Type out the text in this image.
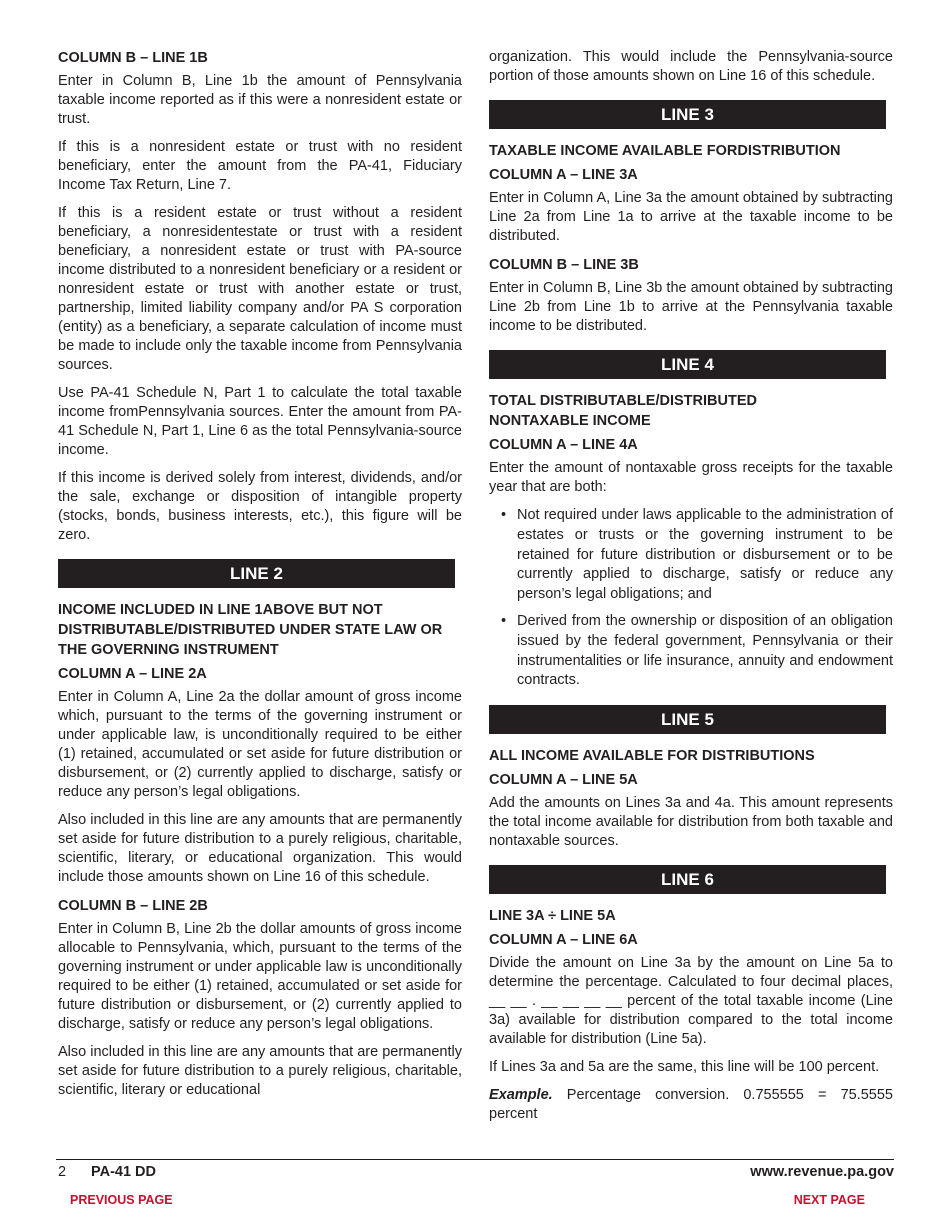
COLUMN B – LINE 1B

Enter in Column B, Line 1b the amount of Pennsylvania taxable income reported as if this were a nonresident estate or trust.

If this is a nonresident estate or trust with no resident beneficiary, enter the amount from the PA-41, Fiduciary Income Tax Return, Line 7.

If this is a resident estate or trust without a resident beneficiary, a nonresidentestate or trust with a resident beneficiary, a nonresident estate or trust with PA-source income distributed to a nonresident beneficiary or a resident or nonresident estate or trust with another estate or trust, partnership, limited liability company and/or PA S corporation (entity) as a beneficiary, a separate calculation of income must be made to include only the taxable income from Pennsylvania sources.

Use PA-41 Schedule N, Part 1 to calculate the total taxable income fromPennsylvania sources. Enter the amount from PA-41 Schedule N, Part 1, Line 6 as the total Pennsylvania-source income.

If this income is derived solely from interest, dividends, and/or the sale, exchange or disposition of intangible property (stocks, bonds, business interests, etc.), this figure will be zero.

LINE 2
INCOME INCLUDED IN LINE 1ABOVE BUT NOT DISTRIBUTABLE/DISTRIBUTED UNDER STATE LAW OR THE GOVERNING INSTRUMENT
COLUMN A – LINE 2A

Enter in Column A, Line 2a the dollar amount of gross income which, pursuant to the terms of the governing instrument or under applicable law, is unconditionally required to be either (1) retained, accumulated or set aside for future distribution or disbursement, or (2) currently applied to discharge, satisfy or reduce any person’s legal obligations.

Also included in this line are any amounts that are permanently set aside for future distribution to a purely religious, charitable, scientific, literary, or educational organization. This would include those amounts shown on Line 16 of this schedule.

COLUMN B – LINE 2B

Enter in Column B, Line 2b the dollar amounts of gross income allocable to Pennsylvania, which, pursuant to the terms of the governing instrument or under applicable law is unconditionally required to be either (1) retained, accumulated or set aside for future distribution or disbursement, or (2) currently applied to discharge, satisfy or reduce any person’s legal obligations.

Also included in this line are any amounts that are permanently set aside for future distribution to a purely religious, charitable, scientific, literary or educational

organization. This would include the Pennsylvania-source portion of those amounts shown on Line 16 of this schedule.

LINE 3
TAXABLE INCOME AVAILABLE FORDISTRIBUTION
COLUMN A – LINE 3A

Enter in Column A, Line 3a the amount obtained by subtracting Line 2a from Line 1a to arrive at the taxable income to be distributed.

COLUMN B – LINE 3B

Enter in Column B, Line 3b the amount obtained by subtracting Line 2b from Line 1b to arrive at the Pennsylvania taxable income to be distributed.

LINE 4
TOTAL DISTRIBUTABLE/DISTRIBUTED NONTAXABLE INCOME
COLUMN A – LINE 4A

Enter the amount of nontaxable gross receipts for the taxable year that are both:

• Not required under laws applicable to the administration of estates or trusts or the governing instrument to be retained for future distribution or disbursement or to be currently applied to discharge, satisfy or reduce any person’s legal obligations; and
• Derived from the ownership or disposition of an obligation issued by the federal government, Pennsylvania or their instrumentalities or life insurance, annuity and endowment contracts.
LINE 5
ALL INCOME AVAILABLE FOR DISTRIBUTIONS
COLUMN A – LINE 5A

Add the amounts on Lines 3a and 4a. This amount represents the total income available for distribution from both taxable and nontaxable sources.

LINE 6
LINE 3A ÷ LINE 5A
COLUMN A – LINE 6A

Divide the amount on Line 3a by the amount on Line 5a to determine the percentage. Calculated to four decimal places, __ __ . __ __ __ __ percent of the total taxable income (Line 3a) available for distribution compared to the total income available for distribution (Line 5a).

If Lines 3a and 5a are the same, this line will be 100 percent.

Example. Percentage conversion. 0.755555 = 75.5555 percent

2 PA-41 DD	www.revenue.pa.gov
PREVIOUS PAGE	NEXT PAGE
